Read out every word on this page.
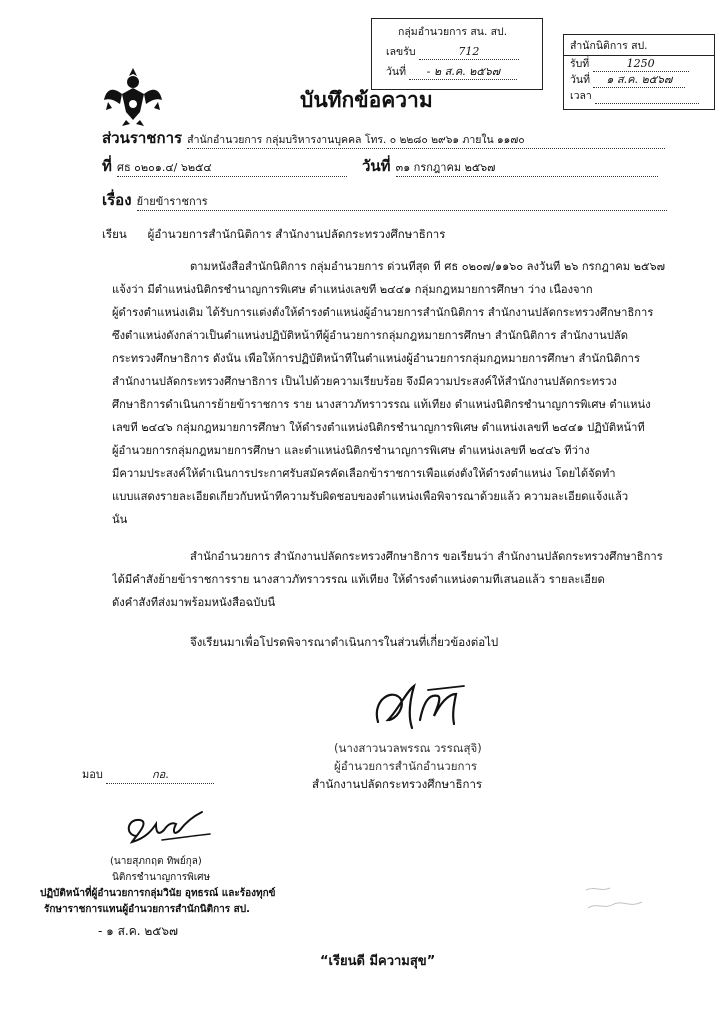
กลุ่มอำนวยการ สน. สป.
เลขรับ	712
วันที่ - ๒ ส.ค. ๒๕๖๗
สำนักนิติการ สป.
รับที่	1250
วันที่ ๑ ส.ค. ๒๕๖๗
เวลา
บันทึกข้อความ
ส่วนราชการ สำนักอำนวยการ กลุ่มบริหารงานบุคคล โทร. ๐ ๒๒๘๐ ๒๙๖๑ ภายใน ๑๑๗๐
ที่ ศธ ๐๒๐๑.๔/ ๖๒๕๔	วันที่ ๓๑ กรกฎาคม ๒๕๖๗
เรื่อง ย้ายข้าราชการ
เรียน ผู้อำนวยการสำนักนิติการ สำนักงานปลัดกระทรวงศึกษาธิการ
ตามหนังสือสำนักนิติการ กลุ่มอำนวยการ ด่วนที่สุด ที่ ศธ ๐๒๐๗/๑๑๖๐ ลงวันที่ ๒๖ กรกฎาคม ๒๕๖๗
แจ้งว่า มีตำแหน่งนิติกรชำนาญการพิเศษ ตำแหน่งเลขที่ ๒๔๔๑ กลุ่มกฎหมายการศึกษา ว่าง เนื่องจาก
ผู้ดำรงตำแหน่งเดิม ได้รับการแต่งตั้งให้ดำรงตำแหน่งผู้อำนวยการสำนักนิติการ สำนักงานปลัดกระทรวงศึกษาธิการ
ซึ่งตำแหน่งดังกล่าวเป็นตำแหน่งปฏิบัติหน้าที่ผู้อำนวยการกลุ่มกฎหมายการศึกษา สำนักนิติการ สำนักงานปลัด
กระทรวงศึกษาธิการ ดังนั้น เพื่อให้การปฏิบัติหน้าที่ในตำแหน่งผู้อำนวยการกลุ่มกฎหมายการศึกษา สำนักนิติการ
สำนักงานปลัดกระทรวงศึกษาธิการ เป็นไปด้วยความเรียบร้อย จึงมีความประสงค์ให้สำนักงานปลัดกระทรวง
ศึกษาธิการดำเนินการย้ายข้าราชการ ราย นางสาวภัทราวรรณ แท้เที่ยง ตำแหน่งนิติกรชำนาญการพิเศษ ตำแหน่ง
เลขที่ ๒๔๔๖ กลุ่มกฎหมายการศึกษา ให้ดำรงตำแหน่งนิติกรชำนาญการพิเศษ ตำแหน่งเลขที่ ๒๔๔๑ ปฏิบัติหน้าที่
ผู้อำนวยการกลุ่มกฎหมายการศึกษา และตำแหน่งนิติกรชำนาญการพิเศษ ตำแหน่งเลขที่ ๒๔๔๖ ที่ว่าง
มีความประสงค์ให้ดำเนินการประกาศรับสมัครคัดเลือกข้าราชการเพื่อแต่งตั้งให้ดำรงตำแหน่ง โดยได้จัดทำ
แบบแสดงรายละเอียดเกี่ยวกับหน้าที่ความรับผิดชอบของตำแหน่งเพื่อพิจารณาด้วยแล้ว ความละเอียดแจ้งแล้ว
นั้น
สำนักอำนวยการ สำนักงานปลัดกระทรวงศึกษาธิการ ขอเรียนว่า สำนักงานปลัดกระทรวงศึกษาธิการ
ได้มีคำสั่งย้ายข้าราชการราย นางสาวภัทราวรรณ แท้เที่ยง ให้ดำรงตำแหน่งตามที่เสนอแล้ว รายละเอียด
ดังคำสั่งที่ส่งมาพร้อมหนังสือฉบับนี้
จึงเรียนมาเพื่อโปรดพิจารณาดำเนินการในส่วนที่เกี่ยวข้องต่อไป
(นางสาวนวลพรรณ วรรณสุจิ)
ผู้อำนวยการสำนักอำนวยการ
สำนักงานปลัดกระทรวงศึกษาธิการ
มอบ	กอ.
(นายสุภกฤต ทิพย์กุล)
นิติกรชำนาญการพิเศษ
ปฏิบัติหน้าที่ผู้อำนวยการกลุ่มวินัย อุทธรณ์ และร้องทุกข์
รักษาราชการแทนผู้อำนวยการสำนักนิติการ สป.
- ๑ ส.ค. ๒๕๖๗
“เรียนดี มีความสุข”
